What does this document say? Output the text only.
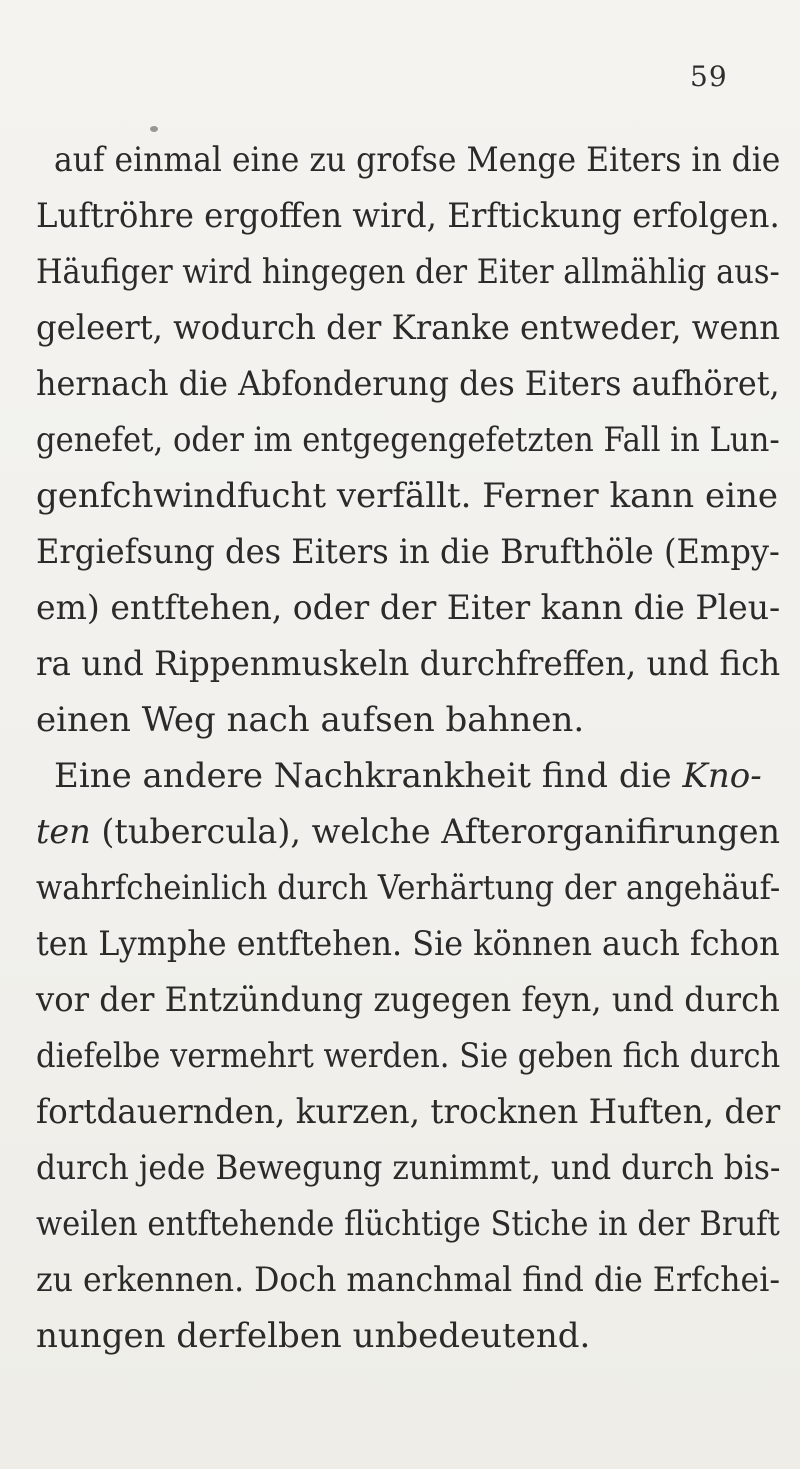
59
auf einmal eine zu grofse Menge Eiters in die
Luftröhre ergoffen wird, Erftickung erfolgen.
Häufiger wird hingegen der Eiter allmählig aus-
geleert, wodurch der Kranke entweder, wenn
hernach die Abfonderung des Eiters aufhöret,
genefet, oder im entgegengefetzten Fall in Lun-
genfchwindfucht verfällt. Ferner kann eine
Ergiefsung des Eiters in die Brufthöle (Empy-
em) entftehen, oder der Eiter kann die Pleu-
ra und Rippenmuskeln durchfreffen, und fich
einen Weg nach aufsen bahnen.
Eine andere Nachkrankheit find die Kno-
ten (tubercula), welche Afterorganifirungen
wahrfcheinlich durch Verhärtung der angehäuf-
ten Lymphe entftehen. Sie können auch fchon
vor der Entzündung zugegen feyn, und durch
diefelbe vermehrt werden. Sie geben fich durch
fortdauernden, kurzen, trocknen Huften, der
durch jede Bewegung zunimmt, und durch bis-
weilen entftehende flüchtige Stiche in der Bruft
zu erkennen. Doch manchmal find die Erfchei-
nungen derfelben unbedeutend.
